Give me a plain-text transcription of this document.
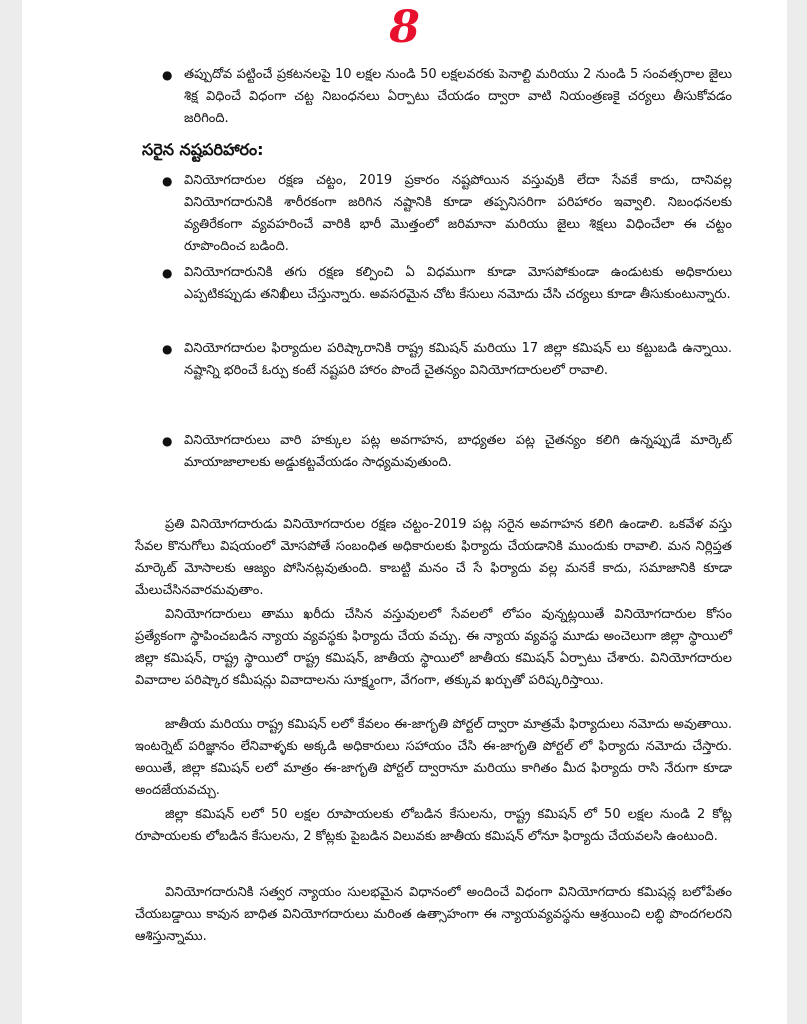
8
● తప్పుదోవ పట్టించే ప్రకటనలపై 10 లక్షల నుండి 50 లక్షలవరకు పెనాల్టి మరియు 2 నుండి 5 సంవత్సరాల జైలు శిక్ష విధించే విధంగా చట్ట నిబంధనలు ఏర్పాటు చేయడం ద్వారా వాటి నియంత్రణకై చర్యలు తీసుకోవడం జరిగింది.
సరైన నష్టపరిహారం:
● వినియోగదారుల రక్షణ చట్టం, 2019 ప్రకారం నష్టపోయిన వస్తువుకి లేదా సేవకే కాదు, దానివల్ల వినియోగదారునికి శారీరకంగా జరిగిన నష్టానికి కూడా తప్పనిసరిగా పరిహారం ఇవ్వాలి. నిబంధనలకు వ్యతిరేకంగా వ్యవహరించే వారికి భారీ మొత్తంలో జరిమానా మరియు జైలు శిక్షలు విధించేలా ఈ చట్టం రూపొందించ బడింది.
● వినియోగదారునికి తగు రక్షణ కల్పించి ఏ విధముగా కూడా మోసపోకుండా ఉండుటకు అధికారులు ఎప్పటికప్పుడు తనిఖీలు చేస్తున్నారు. అవసరమైన చోట కేసులు నమోదు చేసి చర్యలు కూడా తీసుకుంటున్నారు.
● వినియోగదారుల ఫిర్యాదుల పరిష్కారానికి రాష్ట్ర కమిషన్ మరియు 17 జిల్లా కమిషన్ లు కట్టుబడి ఉన్నాయి. నష్టాన్ని భరించే ఓర్పు కంటే నష్టపరి హారం పొందే చైతన్యం వినియోగదారులలో రావాలి.
● వినియోగదారులు వారి హక్కుల పట్ల అవగాహన, బాధ్యతల పట్ల చైతన్యం కలిగి ఉన్నప్పుడే మార్కెట్ మాయాజాలాలకు అడ్డుకట్టవేయడం సాధ్యమవుతుంది.

ప్రతి వినియోగదారుడు వినియోగదారుల రక్షణ చట్టం-2019 పట్ల సరైన అవగాహన కలిగి ఉండాలి. ఒకవేళ వస్తు సేవల కొనుగోలు విషయంలో మోసపోతే సంబంధిత అధికారులకు ఫిర్యాదు చేయడానికి ముందుకు రావాలి. మన నిర్లిప్తత మార్కెట్ మోసాలకు ఆజ్యం పోసినట్లవుతుంది. కాబట్టి మనం చే సే ఫిర్యాదు వల్ల మనకే కాదు, సమాజానికి కూడా మేలుచేసినవారమవుతాం.

వినియోగదారులు తాము ఖరీదు చేసిన వస్తువులలో సేవలలో లోపం వున్నట్లయితే వినియోగదారుల కోసం ప్రత్యేకంగా స్థాపించబడిన న్యాయ వ్యవస్థకు ఫిర్యాదు చేయ వచ్చు. ఈ న్యాయ వ్యవస్థ మూడు అంచెలుగా జిల్లా స్థాయిలో జిల్లా కమిషన్, రాష్ట్ర స్థాయిలో రాష్ట్ర కమిషన్, జాతీయ స్థాయిలో జాతీయ కమిషన్ ఏర్పాటు చేశారు. వినియోగదారుల వివాదాల పరిష్కార కమీషన్లు వివాదాలను సూక్ష్మంగా, వేగంగా, తక్కువ ఖర్చుతో పరిష్కరిస్తాయి.

జాతీయ మరియు రాష్ట్ర కమిషన్ లలో కేవలం ఈ-జాగృతి పోర్టల్ ద్వారా మాత్రమే ఫిర్యాదులు నమోదు అవుతాయి. ఇంటర్నెట్ పరిజ్ఞానం లేనివాళ్ళకు అక్కడి అధికారులు సహాయం చేసి ఈ-జాగృతి పోర్టల్ లో ఫిర్యాదు నమోదు చేస్తారు. అయితే, జిల్లా కమిషన్ లలో మాత్రం ఈ-జాగృతి పోర్టల్ ద్వారానూ మరియు కాగితం మీద ఫిర్యాదు రాసి నేరుగా కూడా అందజేయవచ్చు.

జిల్లా కమిషన్ లలో 50 లక్షల రూపాయలకు లోబడిన కేసులను, రాష్ట్ర కమిషన్ లో 50 లక్షల నుండి 2 కోట్ల రూపాయలకు లోబడిన కేసులను, 2 కోట్లకు పైబడిన విలువకు జాతీయ కమిషన్ లోనూ ఫిర్యాదు చేయవలసి ఉంటుంది.

వినియోగదారునికి సత్వర న్యాయం సులభమైన విధానంలో అందించే విధంగా వినియోగదారు కమిషన్ల బలోపేతం చేయబడ్డాయి కావున బాధిత వినియోగదారులు మరింత ఉత్సాహంగా ఈ న్యాయవ్యవస్థను ఆశ్రయించి లబ్ధి పొందగలరని ఆశిస్తున్నాము.
